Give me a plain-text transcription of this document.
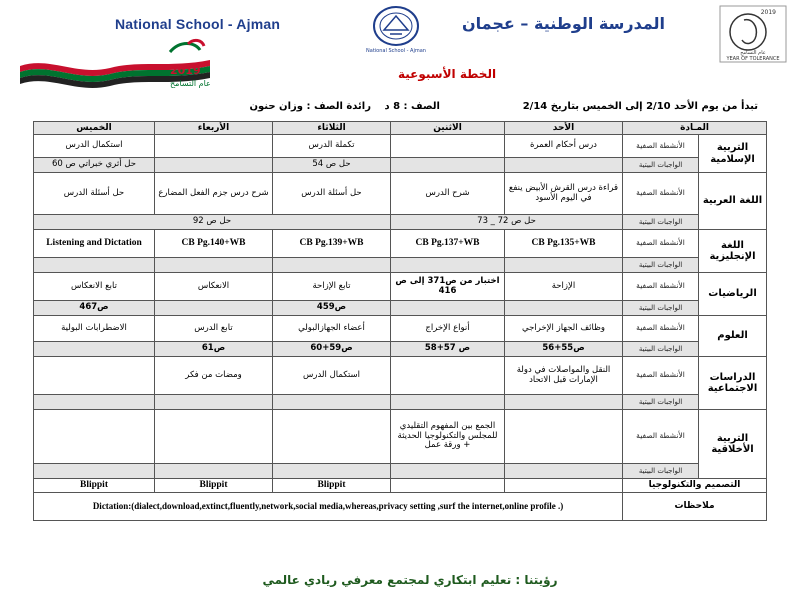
2019
عام التسامح
National School - Ajman
National School - Ajman
المدرسة الوطنية – عجمان
2019
YEAR OF TOLERANCE
عام التسامح
الخطة الأسبوعية
تبدأ من يوم الأحد 2/10 إلى الخميس بتاريخ 2/14
الصف : 8 د رائدة الصف : وزان حنون
المـادة		الأحد	الاثنين	الثلاثاء	الأربعاء	الخميس
التربية الإسلامية	الأنشطة الصفية	درس أحكام العمرة		تكملة الدرس		استكمال الدرس
	الواجبات البيتية			حل ص 54		حل أثري خبراتي ص 60
اللغة العربية	الأنشطة الصفية	قراءة درس القرش الأبيض ينفع في اليوم الأسود	شرح الدرس	حل أسئلة الدرس	شرح درس جزم الفعل المضارع	حل أسئلة الدرس
	الواجبات البيتية	حل ص 72 _ 73		حل ص 92		
اللغة الإنجليزية	الأنشطة الصفية	CB Pg.135+WB	CB Pg.137+WB	CB Pg.139+WB	CB Pg.140+WB	Listening and Dictation
	الواجبات البيتية					
الرياضيات	الأنشطة الصفية	الإزاحة	اختبار من ص371 إلى ص 416	تابع الإزاحة	الانعكاس	تابع الانعكاس
	الواجبات البيتية			ص459		ص467
العلوم	الأنشطة الصفية	وظائف الجهاز الإخراجي	أنواع الإخراج	أعضاء الجهازالبولي	تابع الدرس	الاضطرابات البولية
	الواجبات البيتية	ص55+56	ص 57+58	ص59+60	ص61	
الدراسات الاجتماعية	الأنشطة الصفية	النقل والمواصلات في دولة الإمارات قبل الاتحاد		استكمال الدرس	ومضات من فكر	
	الواجبات البيتية					
التربية الأخلاقية	الأنشطة الصفية		الجمع بين المفهوم التقليدي للمجلس والتكنولوجيا الحديثة + ورقة عمل			
	الواجبات البيتية					
التصميم والتكنولوجيا				Blippit	Blippit	Blippit
ملاحظات		Dictation:(dialect,download,extinct,fluently,network,social media,whereas,privacy setting ,surf the internet,online profile .)				
رؤيتنا : تعليم ابتكاري لمجتمع معرفي ريادي عالمي
